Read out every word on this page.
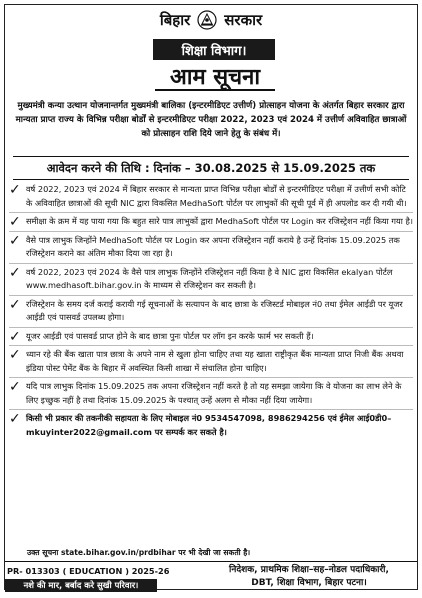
बिहार सरकार
शिक्षा विभाग।
आम सूचना
मुख्यमंत्री कन्या उत्थान योजनान्तर्गत मुख्यमंत्री बालिका (इन्टरमीडिएट उत्तीर्ण) प्रोत्साहन योजना के अंतर्गत बिहार सरकार द्वारा मान्यता प्राप्त राज्य के विभिन्न परीक्षा बोर्डों से इन्टरमीडिएट परीक्षा 2022, 2023 एवं 2024 में उत्तीर्ण अविवाहित छात्राओं को प्रोत्साहन राशि दिये जाने हेतु के संबंध में।
आवेदन करने की तिथि : दिनांक – 30.08.2025 से 15.09.2025 तक
✓ वर्ष 2022, 2023 एवं 2024 में बिहार सरकार से मान्यता प्राप्त विभिन्न परीक्षा बोर्डों से इन्टरमीडिएट परीक्षा में उत्तीर्ण सभी कोटि के अविवाहित छात्राओं की सूची NIC द्वारा विकसित MedhaSoft पोर्टल पर लाभुकों की सूची पूर्व में ही अपलोड कर दी गयी थी।
✓ समीक्षा के क्रम में यह पाया गया कि बहुत सारे पात्र लाभुकों द्वारा MedhaSoft पोर्टल पर Login कर रजिस्ट्रेशन नहीं किया गया है।
✓ वैसे पात्र लाभुक जिन्होंने MedhaSoft पोर्टल पर Login कर अपना रजिस्ट्रेशन नहीं कराये है उन्हें दिनांक 15.09.2025 तक रजिस्ट्रेशन कराने का अंतिम मौका दिया जा रहा है।
✓ वर्ष 2022, 2023 एवं 2024 के वैसे पात्र लाभुक जिन्होंने रजिस्ट्रेशन नहीं किया है वे NIC द्वारा विकसित ekalyan पोर्टल www.medhasoft.bihar.gov.in के माध्यम से रजिस्ट्रेशन कर सकती है।
✓ रजिस्ट्रेशन के समय दर्ज कराई करायी गई सूचनाओं के सत्यापन के बाद छात्रा के रजिस्टर्ड मोबाइल नं0 तथा ईमेल आईडी पर यूजर आईडी एवं पासवर्ड उपलब्ध होगा।
✓ यूजर आईडी एवं पासवर्ड प्राप्त होने के बाद छात्रा पुनः पोर्टल पर लॉग इन करके फार्म भर सकती हैं।
✓ ध्यान रहे की बैंक खाता पात्र छात्रा के अपने नाम से खुला होना चाहिए तथा यह खाता राष्ट्रीकृत बैंक मान्यता प्राप्त निजी बैंक अथवा इंडिया पोस्ट पेमेंट बैंक के बिहार में अवस्थित किसी शाखा में संचालित होना चाहिए।
✓ यदि पात्र लाभुक दिनांक 15.09.2025 तक अपना रजिस्ट्रेशन नहीं करते है तो यह समझा जायेगा कि वे योजना का लाभ लेने के लिए इच्छुक नहीं है तथा दिनांक 15.09.2025 के पश्चात् उन्हें अलग से मौका नहीं दिया जायेगा।
✓ किसी भी प्रकार की तकनीकी सहायता के लिए मोबाइल नं0 9534547098, 8986294256 एवं ईमेल आई0डी0–mkuyinter2022@gmail.com पर सम्पर्क कर सकते है।
उक्त सूचना state.bihar.gov.in/prdbihar पर भी देखी जा सकती है।
PR- 013303 ( EDUCATION ) 2025-26
नशे की मार, बर्बाद करे सुखी परिवार।
निदेशक, प्राथमिक शिक्षा–सह–नोडल पदाधिकारी,
DBT, शिक्षा विभाग, बिहार पटना।
